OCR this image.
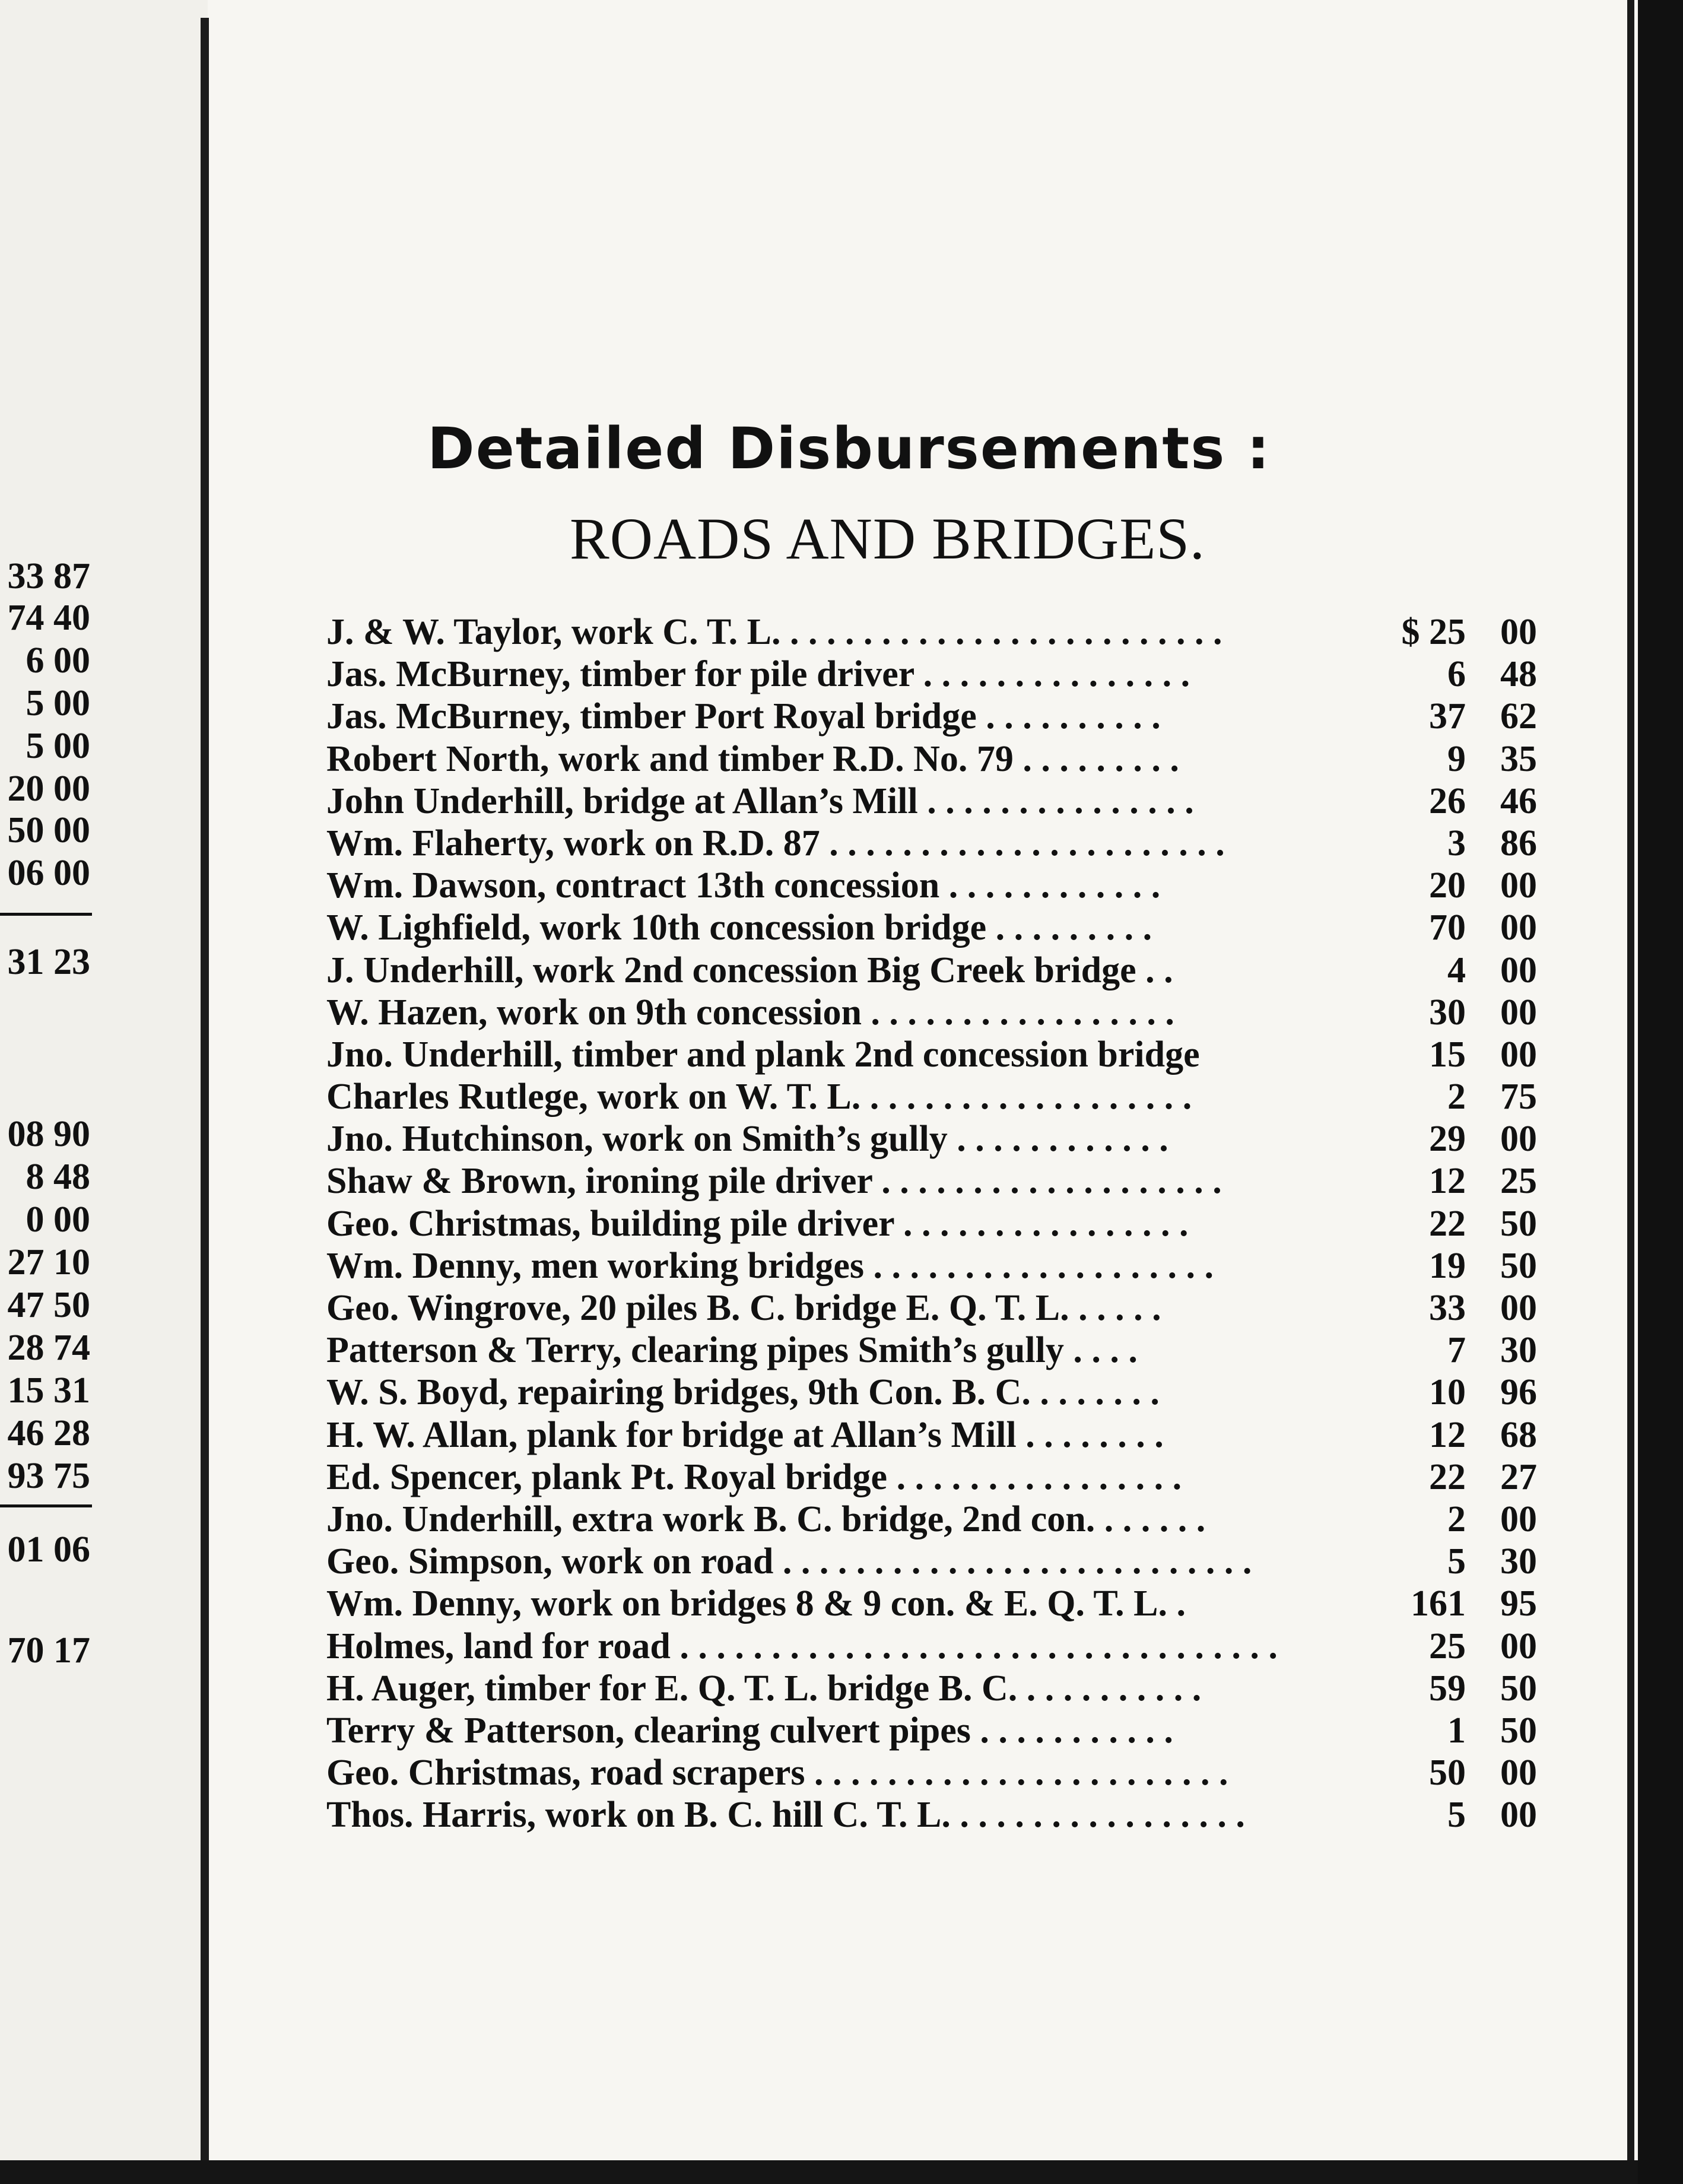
33 87
74 40
6 00
5 00
5 00
20 00
50 00
06 00
31 23
08 90
8 48
0 00
27 10
47 50
28 74
15 31
46 28
93 75
01 06
70 17
Detailed Disbursements :
ROADS AND BRIDGES.
J. & W. Taylor, work C. T. L. . . . . . . . . . . . . . . . . . . . . . . . .	$ 25 00
Jas. McBurney, timber for pile driver . . . . . . . . . . . . . . .	6 48
Jas. McBurney, timber Port Royal bridge . . . . . . . . . .	37 62
Robert North, work and timber R.D. No. 79 . . . . . . . . .	9 35
John Underhill, bridge at Allan’s Mill . . . . . . . . . . . . . . .	26 46
Wm. Flaherty, work on R.D. 87 . . . . . . . . . . . . . . . . . . . . . .	3 86
Wm. Dawson, contract 13th concession . . . . . . . . . . . .	20 00
W. Lighfield, work 10th concession bridge . . . . . . . . .	70 00
J. Underhill, work 2nd concession Big Creek bridge . .	4 00
W. Hazen, work on 9th concession . . . . . . . . . . . . . . . . .	30 00
Jno. Underhill, timber and plank 2nd concession bridge	15 00
Charles Rutlege, work on W. T. L. . . . . . . . . . . . . . . . . . .	2 75
Jno. Hutchinson, work on Smith’s gully . . . . . . . . . . . .	29 00
Shaw & Brown, ironing pile driver . . . . . . . . . . . . . . . . . . .	12 25
Geo. Christmas, building pile driver . . . . . . . . . . . . . . . .	22 50
Wm. Denny, men working bridges . . . . . . . . . . . . . . . . . . .	19 50
Geo. Wingrove, 20 piles B. C. bridge E. Q. T. L. . . . . .	33 00
Patterson & Terry, clearing pipes Smith’s gully . . . .	7 30
W. S. Boyd, repairing bridges, 9th Con. B. C. . . . . . . .	10 96
H. W. Allan, plank for bridge at Allan’s Mill . . . . . . . .	12 68
Ed. Spencer, plank Pt. Royal bridge . . . . . . . . . . . . . . . .	22 27
Jno. Underhill, extra work B. C. bridge, 2nd con. . . . . . .	2 00
Geo. Simpson, work on road . . . . . . . . . . . . . . . . . . . . . . . . . .	5 30
Wm. Denny, work on bridges 8 & 9 con. & E. Q. T. L. .	161 95
Holmes, land for road . . . . . . . . . . . . . . . . . . . . . . . . . . . . . . . . .	25 00
H. Auger, timber for E. Q. T. L. bridge B. C. . . . . . . . . . .	59 50
Terry & Patterson, clearing culvert pipes . . . . . . . . . . .	1 50
Geo. Christmas, road scrapers . . . . . . . . . . . . . . . . . . . . . . .	50 00
Thos. Harris, work on B. C. hill C. T. L. . . . . . . . . . . . . . . . .	5 00
